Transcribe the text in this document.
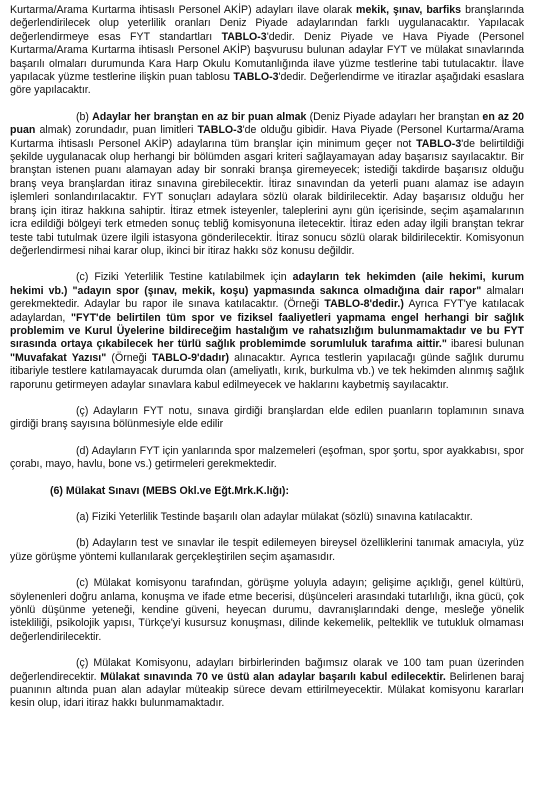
Kurtarma/Arama Kurtarma ihtisaslı Personel AKİP) adayları ilave olarak mekik, şınav, barfiks branşlarında değerlendirilecek olup yeterlilik oranları Deniz Piyade adaylarından farklı uygulanacaktır. Yapılacak değerlendirmeye esas FYT standartları TABLO-3'dedir. Deniz Piyade ve Hava Piyade (Personel Kurtarma/Arama Kurtarma ihtisaslı Personel AKİP) başvurusu bulunan adaylar FYT ve mülakat sınavlarında başarılı olmaları durumunda Kara Harp Okulu Komutanlığında ilave yüzme testlerine tabi tutulacaktır. İlave yapılacak yüzme testlerine ilişkin puan tablosu TABLO-3'dedir. Değerlendirme ve itirazlar aşağıdaki esaslara göre yapılacaktır.

(b) Adaylar her branştan en az bir puan almak (Deniz Piyade adayları her branştan en az 20 puan almak) zorundadır, puan limitleri TABLO-3'de olduğu gibidir. Hava Piyade (Personel Kurtarma/Arama Kurtarma ihtisaslı Personel AKİP) adaylarına tüm branşlar için minimum geçer not TABLO-3'de belirtildiği şekilde uygulanacak olup herhangi bir bölümden asgari kriteri sağlayamayan aday başarısız sayılacaktır. Bir branştan istenen puanı alamayan aday bir sonraki branşa giremeyecek; istediği takdirde başarısız olduğu branş veya branşlardan itiraz sınavına girebilecektir. İtiraz sınavından da yeterli puanı alamaz ise adayın işlemleri sonlandırılacaktır. FYT sonuçları adaylara sözlü olarak bildirilecektir. Aday başarısız olduğu her branş için itiraz hakkına sahiptir. İtiraz etmek isteyenler, taleplerini aynı gün içerisinde, seçim aşamalarının icra edildiği bölgeyi terk etmeden sonuç tebliğ komisyonuna iletecektir. İtiraz eden aday ilgili branştan tekrar teste tabi tutulmak üzere ilgili istasyona gönderilecektir. İtiraz sonucu sözlü olarak bildirilecektir. Komisyonun değerlendirmesi nihai karar olup, ikinci bir itiraz hakkı söz konusu değildir.

(c) Fiziki Yeterlilik Testine katılabilmek için adayların tek hekimden (aile hekimi, kurum hekimi vb.) "adayın spor (şınav, mekik, koşu) yapmasında sakınca olmadığına dair rapor" almaları gerekmektedir. Adaylar bu rapor ile sınava katılacaktır. (Örneği TABLO-8'dedir.) Ayrıca FYT'ye katılacak adaylardan, "FYT'de belirtilen tüm spor ve fiziksel faaliyetleri yapmama engel herhangi bir sağlık problemim ve Kurul Üyelerine bildireceğim hastalığım ve rahatsızlığım bulunmamaktadır ve bu FYT sırasında ortaya çıkabilecek her türlü sağlık problemimde sorumluluk tarafıma aittir." ibaresi bulunan "Muvafakat Yazısı" (Örneği TABLO-9'dadır) alınacaktır. Ayrıca testlerin yapılacağı günde sağlık durumu itibariyle testlere katılamayacak durumda olan (ameliyatlı, kırık, burkulma vb.) ve tek hekimden alınmış sağlık raporunu getirmeyen adaylar sınavlara kabul edilmeyecek ve haklarını kaybetmiş sayılacaktır.

(ç) Adayların FYT notu, sınava girdiği branşlardan elde edilen puanların toplamının sınava girdiği branş sayısına bölünmesiyle elde edilir

(d) Adayların FYT için yanlarında spor malzemeleri (eşofman, spor şortu, spor ayakkabısı, spor çorabı, mayo, havlu, bone vs.) getirmeleri gerekmektedir.

(6) Mülakat Sınavı (MEBS Okl.ve Eğt.Mrk.K.lığı):

(a) Fiziki Yeterlilik Testinde başarılı olan adaylar mülakat (sözlü) sınavına katılacaktır.

(b) Adayların test ve sınavlar ile tespit edilemeyen bireysel özelliklerini tanımak amacıyla, yüz yüze görüşme yöntemi kullanılarak gerçekleştirilen seçim aşamasıdır.

(c) Mülakat komisyonu tarafından, görüşme yoluyla adayın; gelişime açıklığı, genel kültürü, söylenenleri doğru anlama, konuşma ve ifade etme becerisi, düşünceleri arasındaki tutarlılığı, ikna gücü, çok yönlü düşünme yeteneği, kendine güveni, heyecan durumu, davranışlarındaki denge, mesleğe yönelik istekliliği, psikolojik yapısı, Türkçe'yi kusursuz konuşması, dilinde kekemelik, peltekllik ve tutukluk olmaması değerlendirilecektir.

(ç) Mülakat Komisyonu, adayları birbirlerinden bağımsız olarak ve 100 tam puan üzerinden değerlendirecektir. Mülakat sınavında 70 ve üstü alan adaylar başarılı kabul edilecektir. Belirlenen baraj puanının altında puan alan adaylar müteakip sürece devam ettirilmeyecektir. Mülakat komisyonu kararları kesin olup, idari itiraz hakkı bulunmamaktadır.
